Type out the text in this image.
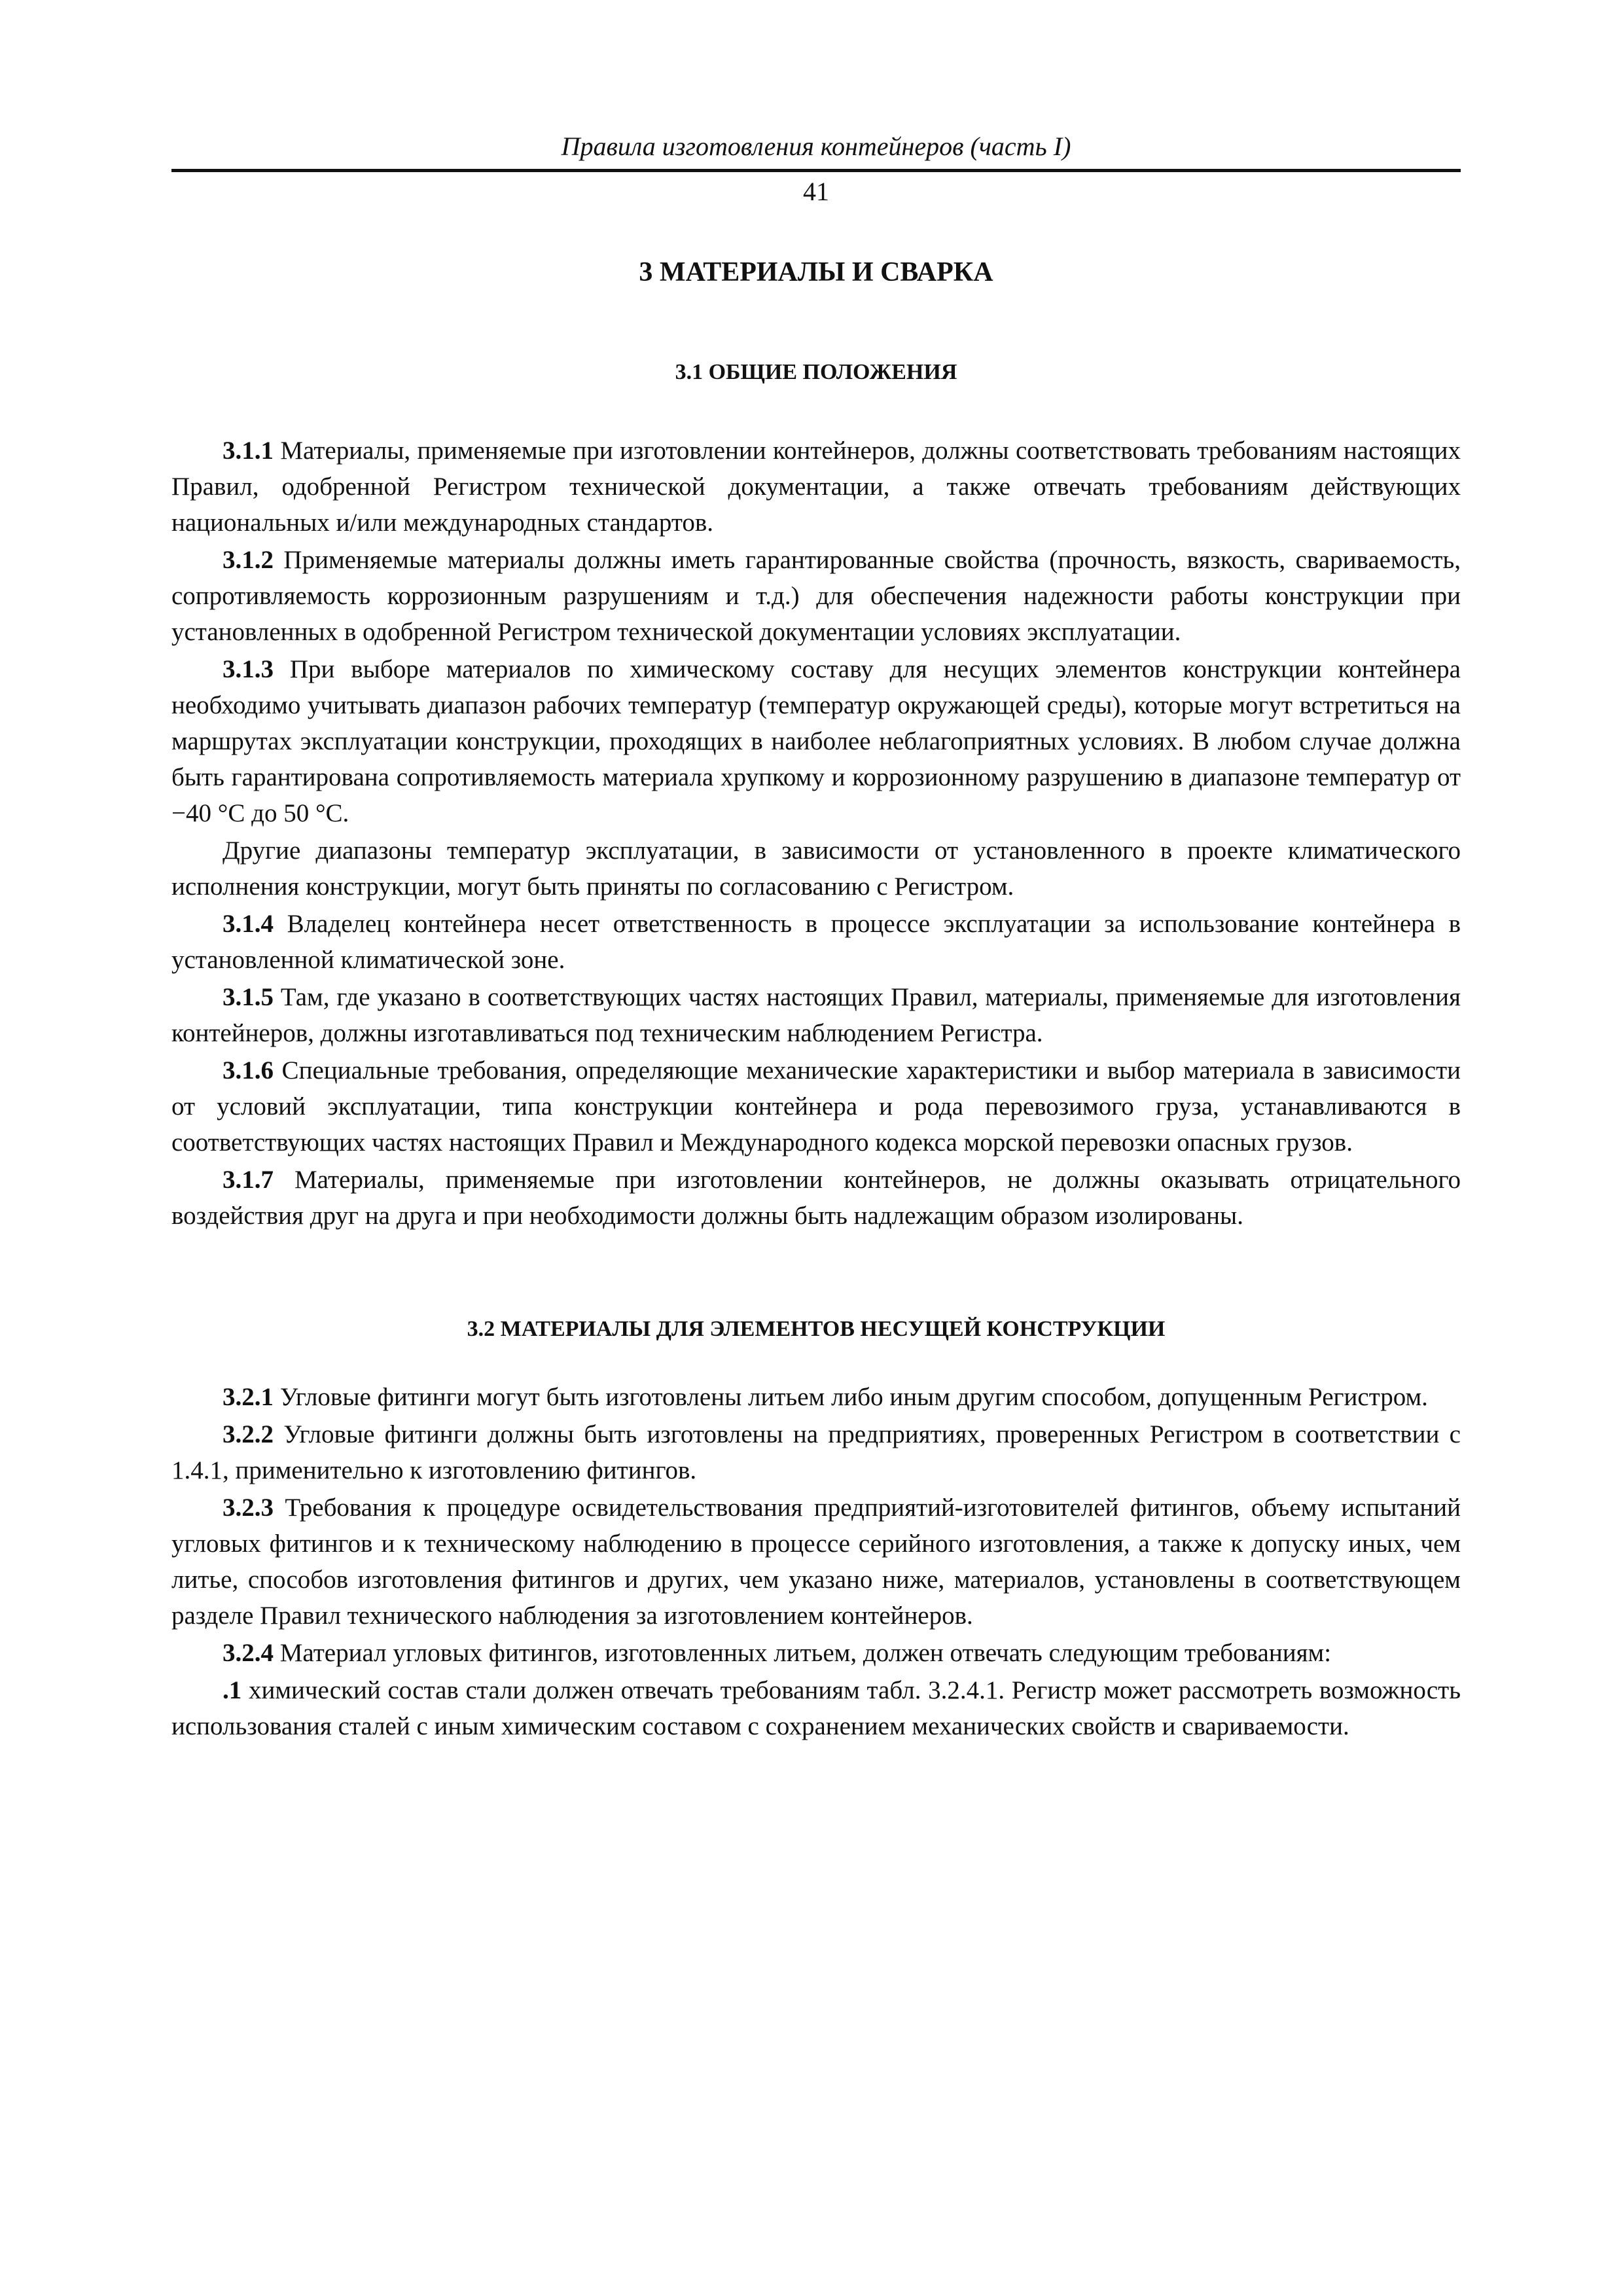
Правила изготовления контейнеров (часть I)

41

3 МАТЕРИАЛЫ И СВАРКА
3.1 ОБЩИЕ ПОЛОЖЕНИЯ

3.1.1 Материалы, применяемые при изготовлении контейнеров, должны соответствовать требованиям настоящих Правил, одобренной Регистром технической документации, а также отвечать требованиям действующих национальных и/или международных стандартов.

3.1.2 Применяемые материалы должны иметь гарантированные свойства (прочность, вязкость, свариваемость, сопротивляемость коррозионным разрушениям и т.д.) для обеспечения надежности работы конструкции при установленных в одобренной Регистром технической документации условиях эксплуатации.

3.1.3 При выборе материалов по химическому составу для несущих элементов конструкции контейнера необходимо учитывать диапазон рабочих температур (температур окружающей среды), которые могут встретиться на маршрутах эксплуатации конструкции, проходящих в наиболее неблагоприятных условиях. В любом случае должна быть гарантирована сопротивляемость материала хрупкому и коррозионному разрушению в диапазоне температур от −40 °С до 50 °С.

Другие диапазоны температур эксплуатации, в зависимости от установленного в проекте климатического исполнения конструкции, могут быть приняты по согласованию с Регистром.

3.1.4 Владелец контейнера несет ответственность в процессе эксплуатации за использование контейнера в установленной климатической зоне.

3.1.5 Там, где указано в соответствующих частях настоящих Правил, материалы, применяемые для изготовления контейнеров, должны изготавливаться под техническим наблюдением Регистра.

3.1.6 Специальные требования, определяющие механические характеристики и выбор материала в зависимости от условий эксплуатации, типа конструкции контейнера и рода перевозимого груза, устанавливаются в соответствующих частях настоящих Правил и Международного кодекса морской перевозки опасных грузов.

3.1.7 Материалы, применяемые при изготовлении контейнеров, не должны оказывать отрицательного воздействия друг на друга и при необходимости должны быть надлежащим образом изолированы.

3.2 МАТЕРИАЛЫ ДЛЯ ЭЛЕМЕНТОВ НЕСУЩЕЙ КОНСТРУКЦИИ

3.2.1 Угловые фитинги могут быть изготовлены литьем либо иным другим способом, допущенным Регистром.

3.2.2 Угловые фитинги должны быть изготовлены на предприятиях, проверенных Регистром в соответствии с 1.4.1, применительно к изготовлению фитингов.

3.2.3 Требования к процедуре освидетельствования предприятий-изготовителей фитингов, объему испытаний угловых фитингов и к техническому наблюдению в процессе серийного изготовления, а также к допуску иных, чем литье, способов изготовления фитингов и других, чем указано ниже, материалов, установлены в соответствующем разделе Правил технического наблюдения за изготовлением контейнеров.

3.2.4 Материал угловых фитингов, изготовленных литьем, должен отвечать следующим требованиям:

.1 химический состав стали должен отвечать требованиям табл. 3.2.4.1. Регистр может рассмотреть возможность использования сталей с иным химическим составом с сохранением механических свойств и свариваемости.
